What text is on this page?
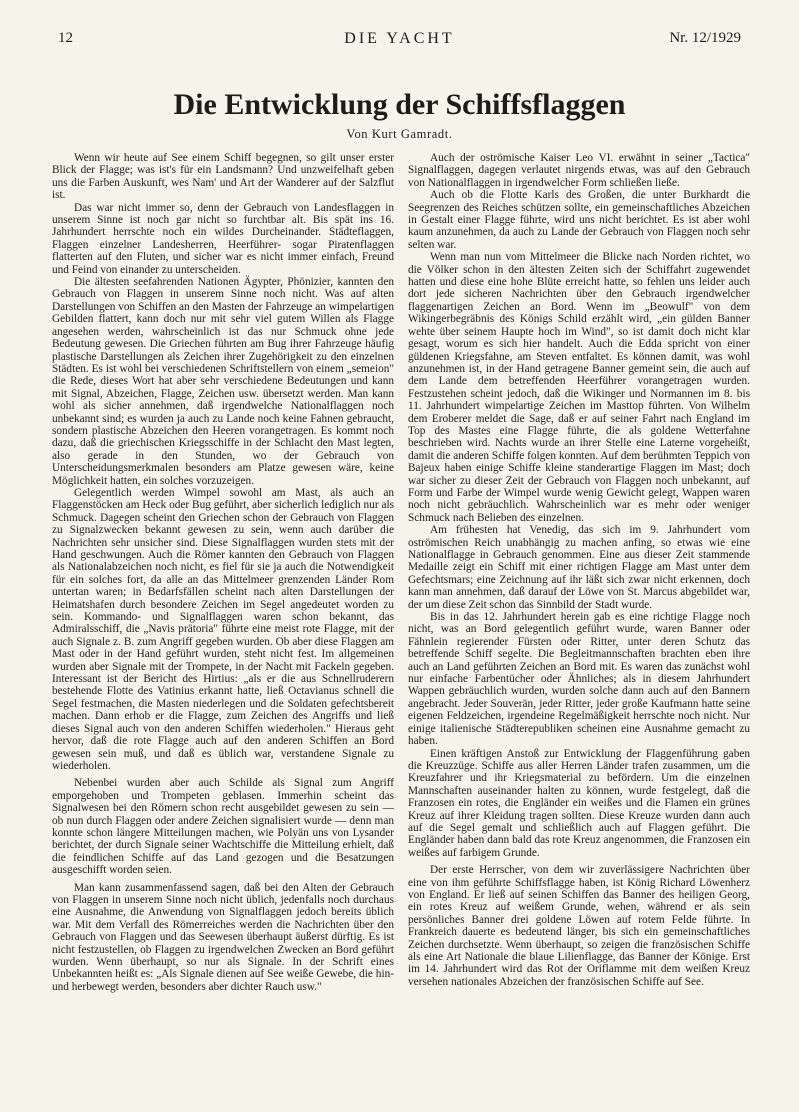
12	DIE YACHT	Nr. 12/1929
Die Entwicklung der Schiffsflaggen
Von Kurt Gamradt.

Wenn wir heute auf See einem Schiff begegnen, so gilt unser erster Blick der Flagge; was ist's für ein Landsmann? Und unzweifelhaft geben uns die Farben Auskunft, wes Nam' und Art der Wanderer auf der Salzflut ist.

Das war nicht immer so, denn der Gebrauch von Landesflaggen in unserem Sinne ist noch gar nicht so furchtbar alt. Bis spät ins 16. Jahrhundert herrschte noch ein wildes Durcheinander. Städteflaggen, Flaggen einzelner Landesherren, Heerführer- sogar Piratenflaggen flatterten auf den Fluten, und sicher war es nicht immer einfach, Freund und Feind von einander zu unterscheiden.

Die ältesten seefahrenden Nationen Ägypter, Phönizier, kannten den Gebrauch von Flaggen in unserem Sinne noch nicht. Was auf alten Darstellungen von Schiffen an den Masten der Fahrzeuge an wimpelartigen Gebilden flattert, kann doch nur mit sehr viel gutem Willen als Flagge angesehen werden, wahrscheinlich ist das nur Schmuck ohne jede Bedeutung gewesen. Die Griechen führten am Bug ihrer Fahrzeuge häufig plastische Darstellungen als Zeichen ihrer Zugehörigkeit zu den einzelnen Städten. Es ist wohl bei verschiedenen Schriftstellern von einem „semeion" die Rede, dieses Wort hat aber sehr verschiedene Bedeutungen und kann mit Signal, Abzeichen, Flagge, Zeichen usw. übersetzt werden. Man kann wohl als sicher annehmen, daß irgendwelche Nationalflaggen noch unbekannt sind; es wurden ja auch zu Lande noch keine Fahnen gebraucht, sondern plastische Abzeichen den Heeren vorangetragen. Es kommt noch dazu, daß die griechischen Kriegsschiffe in der Schlacht den Mast legten, also gerade in den Stunden, wo der Gebrauch von Unterscheidungsmerkmalen besonders am Platze gewesen wäre, keine Möglichkeit hatten, ein solches vorzuzeigen.

Gelegentlich werden Wimpel sowohl am Mast, als auch an Flaggenstöcken am Heck oder Bug geführt, aber sicherlich lediglich nur als Schmuck. Dagegen scheint den Griechen schon der Gebrauch von Flaggen zu Signalzwecken bekannt gewesen zu sein, wenn auch darüber die Nachrichten sehr unsicher sind. Diese Signalflaggen wurden stets mit der Hand geschwungen. Auch die Römer kannten den Gebrauch von Flaggen als Nationalabzeichen noch nicht, es fiel für sie ja auch die Notwendigkeit für ein solches fort, da alle an das Mittelmeer grenzenden Länder Rom untertan waren; in Bedarfsfällen scheint nach alten Darstellungen der Heimatshafen durch besondere Zeichen im Segel angedeutet worden zu sein. Kommando- und Signalflaggen waren schon bekannt, das Admiralsschiff, die „Navis prätoria" führte eine meist rote Flagge, mit der auch Signale z. B. zum Angriff gegeben wurden. Ob aber diese Flaggen am Mast oder in der Hand geführt wurden, steht nicht fest. Im allgemeinen wurden aber Signale mit der Trompete, in der Nacht mit Fackeln gegeben. Interessant ist der Bericht des Hirtius: „als er die aus Schnellruderern bestehende Flotte des Vatinius erkannt hatte, ließ Octavianus schnell die Segel festmachen, die Masten niederlegen und die Soldaten gefechtsbereit machen. Dann erhob er die Flagge, zum Zeichen des Angriffs und ließ dieses Signal auch von den anderen Schiffen wiederholen." Hieraus geht hervor, daß die rote Flagge auch auf den anderen Schiffen an Bord gewesen sein muß, und daß es üblich war, verstandene Signale zu wiederholen.

Nebenbei wurden aber auch Schilde als Signal zum Angriff emporgehoben und Trompeten geblasen. Immerhin scheint das Signalwesen bei den Römern schon recht ausgebildet gewesen zu sein — ob nun durch Flaggen oder andere Zeichen signalisiert wurde — denn man konnte schon längere Mitteilungen machen, wie Polyän uns von Lysander berichtet, der durch Signale seiner Wachtschiffe die Mitteilung erhielt, daß die feindlichen Schiffe auf das Land gezogen und die Besatzungen ausgeschifft worden seien.

Man kann zusammenfassend sagen, daß bei den Alten der Gebrauch von Flaggen in unserem Sinne noch nicht üblich, jedenfalls noch durchaus eine Ausnahme, die Anwendung von Signalflaggen jedoch bereits üblich war. Mit dem Verfall des Römerreiches werden die Nachrichten über den Gebrauch von Flaggen und das Seewesen überhaupt äußerst dürftig. Es ist nicht festzustellen, ob Flaggen zu irgendwelchen Zwecken an Bord geführt wurden. Wenn überhaupt, so nur als Signale. In der Schrift eines Unbekannten heißt es: „Als Signale dienen auf See weiße Gewebe, die hin- und herbewegt werden, besonders aber dichter Rauch usw."

Auch der oströmische Kaiser Leo VI. erwähnt in seiner „Tactica" Signalflaggen, dagegen verlautet nirgends etwas, was auf den Gebrauch von Nationalflaggen in irgendwelcher Form schließen ließe.

Auch ob die Flotte Karls des Großen, die unter Burkhardt die Seegrenzen des Reiches schützen sollte, ein gemeinschaftliches Abzeichen in Gestalt einer Flagge führte, wird uns nicht berichtet. Es ist aber wohl kaum anzunehmen, da auch zu Lande der Gebrauch von Flaggen noch sehr selten war.

Wenn man nun vom Mittelmeer die Blicke nach Norden richtet, wo die Völker schon in den ältesten Zeiten sich der Schiffahrt zugewendet hatten und diese eine hohe Blüte erreicht hatte, so fehlen uns leider auch dort jede sicheren Nachrichten über den Gebrauch irgendwelcher flaggenartigen Zeichen an Bord. Wenn im „Beowulf" von dem Wikingerbegräbnis des Königs Schild erzählt wird, „ein gülden Banner wehte über seinem Haupte hoch im Wind", so ist damit doch nicht klar gesagt, worum es sich hier handelt. Auch die Edda spricht von einer güldenen Kriegsfahne, am Steven entfaltet. Es können damit, was wohl anzunehmen ist, in der Hand getragene Banner gemeint sein, die auch auf dem Lande dem betreffenden Heerführer vorangetragen wurden. Festzustehen scheint jedoch, daß die Wikinger und Normannen im 8. bis 11. Jahrhundert wimpelartige Zeichen im Masttop führten. Von Wilhelm dem Eroberer meldet die Sage, daß er auf seiner Fahrt nach England im Top des Mastes eine Flagge führte, die als goldene Wetterfahne beschrieben wird. Nachts wurde an ihrer Stelle eine Laterne vorgeheißt, damit die anderen Schiffe folgen konnten. Auf dem berühmten Teppich von Bajeux haben einige Schiffe kleine standerartige Flaggen im Mast; doch war sicher zu dieser Zeit der Gebrauch von Flaggen noch unbekannt, auf Form und Farbe der Wimpel wurde wenig Gewicht gelegt, Wappen waren noch nicht gebräuchlich. Wahrscheinlich war es mehr oder weniger Schmuck nach Belieben des einzelnen.

Am frühesten hat Venedig, das sich im 9. Jahrhundert vom oströmischen Reich unabhängig zu machen anfing, so etwas wie eine Nationalflagge in Gebrauch genommen. Eine aus dieser Zeit stammende Medaille zeigt ein Schiff mit einer richtigen Flagge am Mast unter dem Gefechtsmars; eine Zeichnung auf ihr läßt sich zwar nicht erkennen, doch kann man annehmen, daß darauf der Löwe von St. Marcus abgebildet war, der um diese Zeit schon das Sinnbild der Stadt wurde.

Bis in das 12. Jahrhundert herein gab es eine richtige Flagge noch nicht, was an Bord gelegentlich geführt wurde, waren Banner oder Fähnlein regierender Fürsten oder Ritter, unter deren Schutz das betreffende Schiff segelte. Die Begleitmannschaften brachten eben ihre auch an Land geführten Zeichen an Bord mit. Es waren das zunächst wohl nur einfache Farbentücher oder Ähnliches; als in diesem Jahrhundert Wappen gebräuchlich wurden, wurden solche dann auch auf den Bannern angebracht. Jeder Souverän, jeder Ritter, jeder große Kaufmann hatte seine eigenen Feldzeichen, irgendeine Regelmäßigkeit herrschte noch nicht. Nur einige italienische Städterepubliken scheinen eine Ausnahme gemacht zu haben.

Einen kräftigen Anstoß zur Entwicklung der Flaggenführung gaben die Kreuzzüge. Schiffe aus aller Herren Länder trafen zusammen, um die Kreuzfahrer und ihr Kriegsmaterial zu befördern. Um die einzelnen Mannschaften auseinander halten zu können, wurde festgelegt, daß die Franzosen ein rotes, die Engländer ein weißes und die Flamen ein grünes Kreuz auf ihrer Kleidung tragen sollten. Diese Kreuze wurden dann auch auf die Segel gemalt und schließlich auch auf Flaggen geführt. Die Engländer haben dann bald das rote Kreuz angenommen, die Franzosen ein weißes auf farbigem Grunde.

Der erste Herrscher, von dem wir zuverlässigere Nachrichten über eine von ihm geführte Schiffsflagge haben, ist König Richard Löwenherz von England. Er ließ auf seinen Schiffen das Banner des heiligen Georg, ein rotes Kreuz auf weißem Grunde, wehen, während er als sein persönliches Banner drei goldene Löwen auf rotem Felde führte. In Frankreich dauerte es bedeutend länger, bis sich ein gemeinschaftliches Zeichen durchsetzte. Wenn überhaupt, so zeigen die französischen Schiffe als eine Art Nationale die blaue Lilienflagge, das Banner der Könige. Erst im 14. Jahrhundert wird das Rot der Oriflamme mit dem weißen Kreuz versehen nationales Abzeichen der französischen Schiffe auf See.
